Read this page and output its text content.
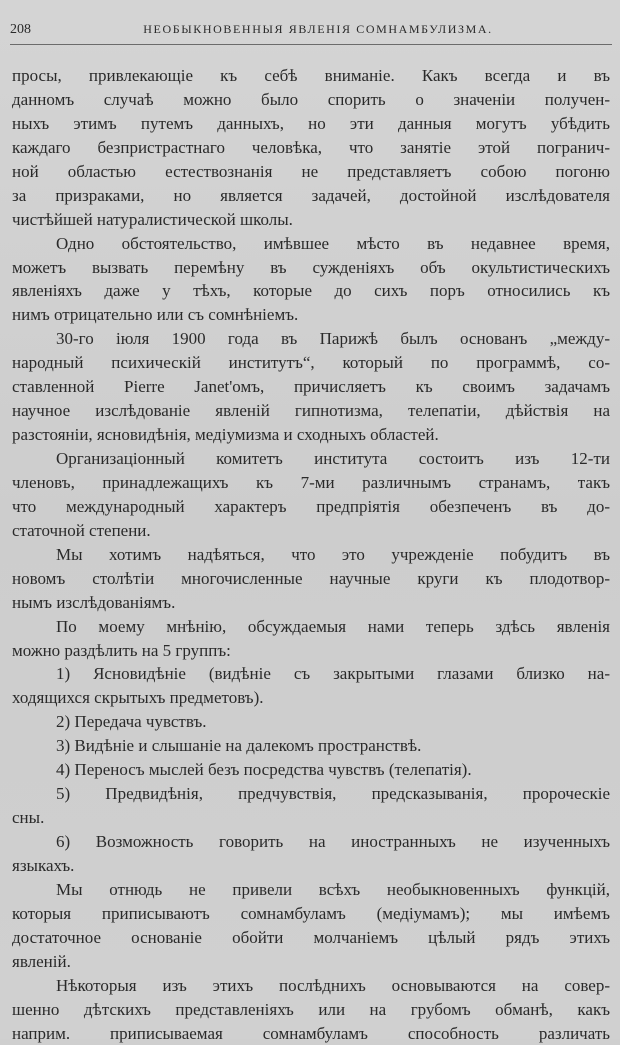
208	НЕОБЫКНОВЕННЫЯ ЯВЛЕНІЯ СОМНАМБУЛИЗМА.
просы, привлекающіе къ себѣ вниманіе. Какъ всегда и въ
данномъ случаѣ можно было спорить о значеніи получен-
ныхъ этимъ путемъ данныхъ, но эти данныя могутъ убѣдить
каждаго безпристрастнаго человѣка, что занятіе этой погранич-
ной областью естествознанія не представляетъ собою погоню
за призраками, но является задачей, достойной изслѣдователя
чистѣйшей натуралистической школы.
Одно обстоятельство, имѣвшее мѣсто въ недавнее время,
можетъ вызвать перемѣну въ сужденіяхъ объ окультистическихъ
явленіяхъ даже у тѣхъ, которые до сихъ поръ относились къ
нимъ отрицательно или съ сомнѣніемъ.
30-го іюля 1900 года въ Парижѣ былъ основанъ „между-
народный психическій институтъ“, который по программѣ, со-
ставленной Pierre Janet'омъ, причисляетъ къ своимъ задачамъ
научное изслѣдованіе явленій гипнотизма, телепатіи, дѣйствія на
разстояніи, ясновидѣнія, медіумизма и сходныхъ областей.
Организаціонный комитетъ института состоитъ изъ 12-ти
членовъ, принадлежащихъ къ 7-ми различнымъ странамъ, такъ
что международный характеръ предпріятія обезпеченъ въ до-
статочной степени.
Мы хотимъ надѣяться, что это учрежденіе побудитъ въ
новомъ столѣтіи многочисленные научные круги къ плодотвор-
нымъ изслѣдованіямъ.
По моему мнѣнію, обсуждаемыя нами теперь здѣсь явленія
можно раздѣлить на 5 группъ:
1) Ясновидѣніе (видѣніе съ закрытыми глазами близко на-
ходящихся скрытыхъ предметовъ).
2) Передача чувствъ.
3) Видѣніе и слышаніе на далекомъ пространствѣ.
4) Переносъ мыслей безъ посредства чувствъ (телепатія).
5) Предвидѣнія, предчувствія, предсказыванія, пророческіе
сны.
6) Возможность говорить на иностранныхъ не изученныхъ
языкахъ.
Мы отнюдь не привели всѣхъ необыкновенныхъ функцій,
которыя приписываютъ сомнамбуламъ (медіумамъ); мы имѣемъ
достаточное основаніе обойти молчаніемъ цѣлый рядъ этихъ
явленій.
Нѣкоторыя изъ этихъ послѣднихъ основываются на совер-
шенно дѣтскихъ представленіяхъ или на грубомъ обманѣ, какъ
наприм. приписываемая сомнамбуламъ способность различать
